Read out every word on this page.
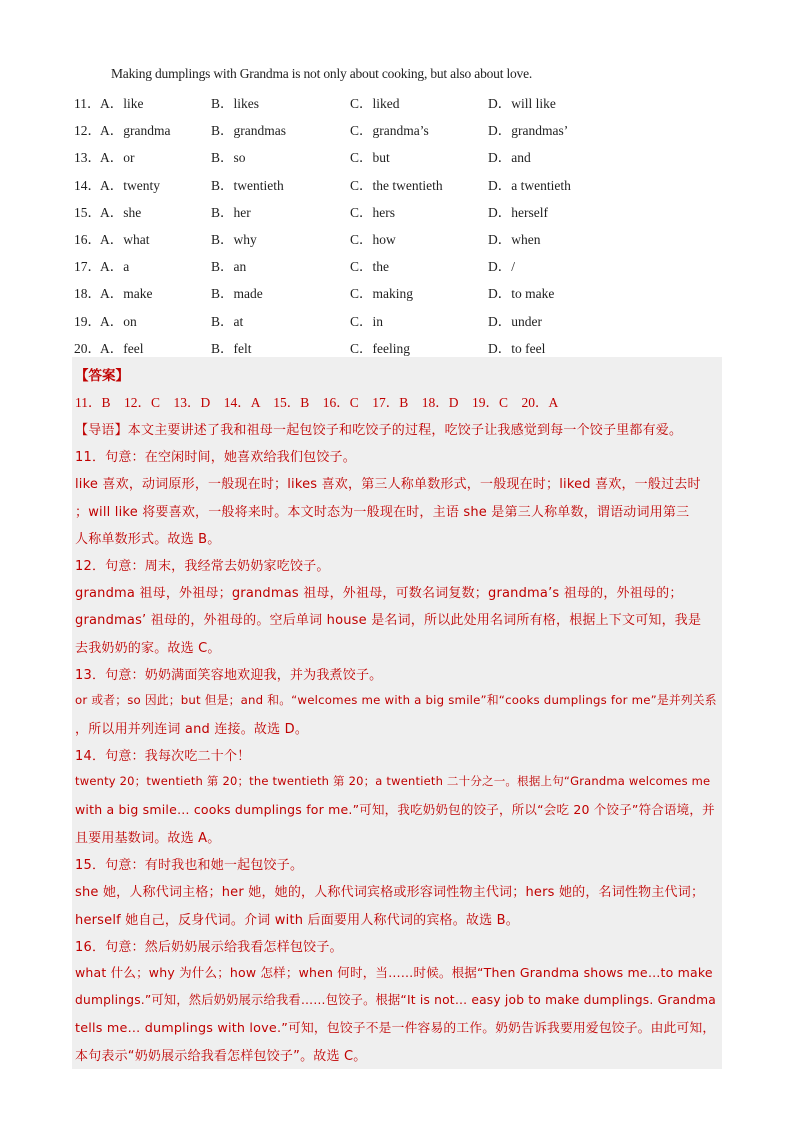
Making dumplings with Grandma is not only about cooking, but also about love.
11． A．like	B．likes	C．liked	D．will like
12． A．grandma	B．grandmas	C．grandma’s	D．grandmas’
13． A．or	B．so	C．but	D．and
14． A．twenty	B．twentieth	C．the twentieth	D．a twentieth
15． A．she	B．her	C．hers	D．herself
16． A．what	B．why	C．how	D．when
17． A．a	B．an	C．the	D．/
18． A．make	B．made	C．making	D．to make
19． A．on	B．at	C．in	D．under
20． A．feel	B．felt	C．feeling	D．to feel
【答案】
11．B　12．C　13．D　14．A　15．B　16．C　17．B　18．D　19．C　20．A
【导语】本文主要讲述了我和祖母一起包饺子和吃饺子的过程，吃饺子让我感觉到每一个饺子里都有爱。
11．句意：在空闲时间，她喜欢给我们包饺子。
like 喜欢，动词原形，一般现在时；likes 喜欢，第三人称单数形式，一般现在时；liked 喜欢，一般过去时
；will like 将要喜欢，一般将来时。本文时态为一般现在时，主语 she 是第三人称单数，谓语动词用第三
人称单数形式。故选 B。
12．句意：周末，我经常去奶奶家吃饺子。
grandma 祖母，外祖母；grandmas 祖母，外祖母，可数名词复数；grandma’s 祖母的，外祖母的；
grandmas’ 祖母的，外祖母的。空后单词 house 是名词，所以此处用名词所有格，根据上下文可知，我是
去我奶奶的家。故选 C。
13．句意：奶奶满面笑容地欢迎我，并为我煮饺子。
or 或者；so 因此；but 但是；and 和。“welcomes me with a big smile”和“cooks dumplings for me”是并列关系
，所以用并列连词 and 连接。故选 D。
14．句意：我每次吃二十个！
twenty 20；twentieth 第 20；the twentieth 第 20；a twentieth 二十分之一。根据上句“Grandma welcomes me
with a big smile… cooks dumplings for me.”可知，我吃奶奶包的饺子，所以“会吃 20 个饺子”符合语境，并
且要用基数词。故选 A。
15．句意：有时我也和她一起包饺子。
she 她，人称代词主格；her 她，她的，人称代词宾格或形容词性物主代词；hers 她的，名词性物主代词；
herself 她自己，反身代词。介词 with 后面要用人称代词的宾格。故选 B。
16．句意：然后奶奶展示给我看怎样包饺子。
what 什么；why 为什么；how 怎样；when 何时，当……时候。根据“Then Grandma shows me…to make
dumplings.”可知，然后奶奶展示给我看……包饺子。根据“It is not… easy job to make dumplings. Grandma
tells me… dumplings with love.”可知，包饺子不是一件容易的工作。奶奶告诉我要用爱包饺子。由此可知，
本句表示“奶奶展示给我看怎样包饺子”。故选 C。
